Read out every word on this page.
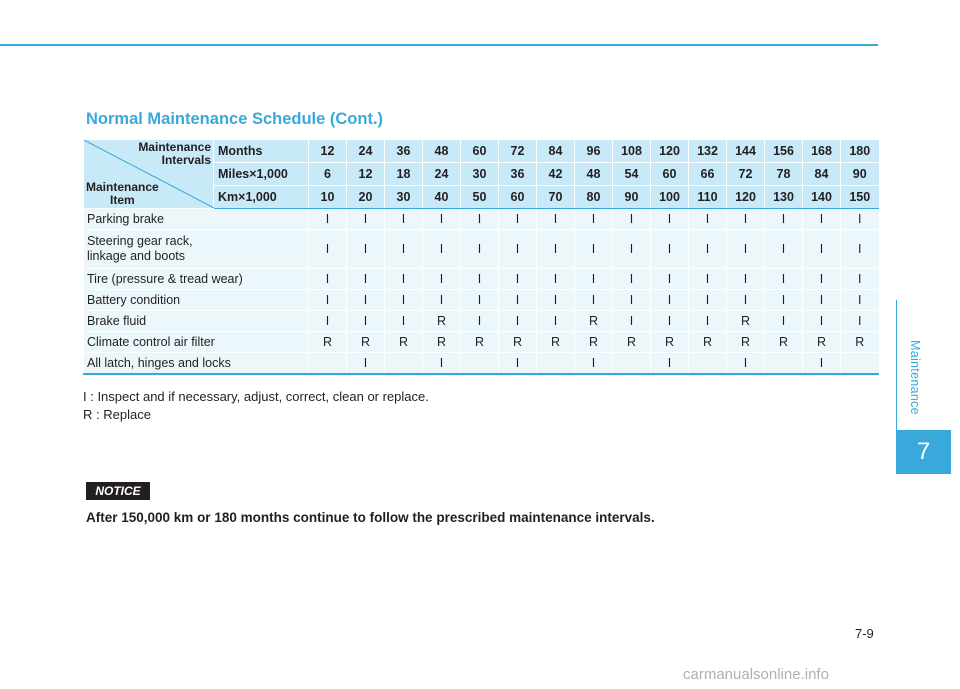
Normal Maintenance Schedule (Cont.)
Maintenance
Intervals
Maintenance
Item	Months	12	24	36	48	60	72	84	96	108	120	132	144	156	168	180
	Miles×1,000	6	12	18	24	30	36	42	48	54	60	66	72	78	84	90
	Km×1,000	10	20	30	40	50	60	70	80	90	100	110	120	130	140	150
Parking brake		I	I	I	I	I	I	I	I	I	I	I	I	I	I	I
Steering gear rack, linkage and boots		I	I	I	I	I	I	I	I	I	I	I	I	I	I	I
Tire (pressure & tread wear)		I	I	I	I	I	I	I	I	I	I	I	I	I	I	I
Battery condition		I	I	I	I	I	I	I	I	I	I	I	I	I	I	I
Brake fluid		I	I	I	R	I	I	I	R	I	I	I	R	I	I	I
Climate control air filter		R	R	R	R	R	R	R	R	R	R	R	R	R	R	R
All latch, hinges and locks			I		I		I		I		I		I		I	
I : Inspect and if necessary, adjust, correct, clean or replace.
R : Replace
NOTICE
After 150,000 km or 180 months continue to follow the prescribed maintenance intervals.
Maintenance
7
7-9
carmanualsonline.info
